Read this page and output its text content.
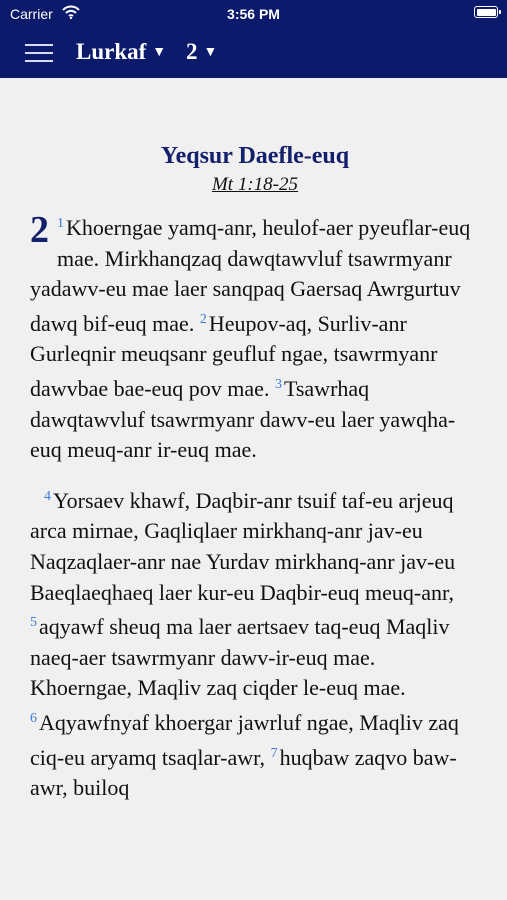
Carrier	3:56 PM
Lurkaf ▼ 2 ▼
Yeqsur Daefle-euq
Mt 1:18-25

2 $^1$Khoerngae yamq-anr, heulof-aer pyeuflar-euq mae. Mirkhanqzaq dawqtawvluf tsawrmyanr yadawv-eu mae laer sanqpaq Gaersaq Awrgurtuv dawq bif-euq mae. $^2$Heupov-aq, Surliv-anr Gurleqnir meuqsanr geufluf ngae, tsawrmyanr dawvbae bae-euq pov mae. $^3$Tsawrhaq dawqtawvluf tsawrmyanr dawv-eu laer yawqha-euq meuq-anr ir-euq mae.

$^4$Yorsaev khawf, Daqbir-anr tsuif taf-eu arjeuq arca mirnae, Gaqliqlaer mirkhanq-anr jav-eu Naqzaqlaer-anr nae Yurdav mirkhanq-anr jav-eu Baeqlaeqhaeq laer kur-eu Daqbir-euq meuq-anr, $^5$aqyawf sheuq ma laer aertsaev taq-euq Maqliv naeq-aer tsawrmyanr dawv-ir-euq mae. Khoerngae, Maqliv zaq ciqder le-euq mae. $^6$Aqyawfnyaf khoergar jawrluf ngae, Maqliv zaq ciq-eu aryamq tsaqlar-awr, $^7$huqbaw zaqvo baw-awr, builoq
